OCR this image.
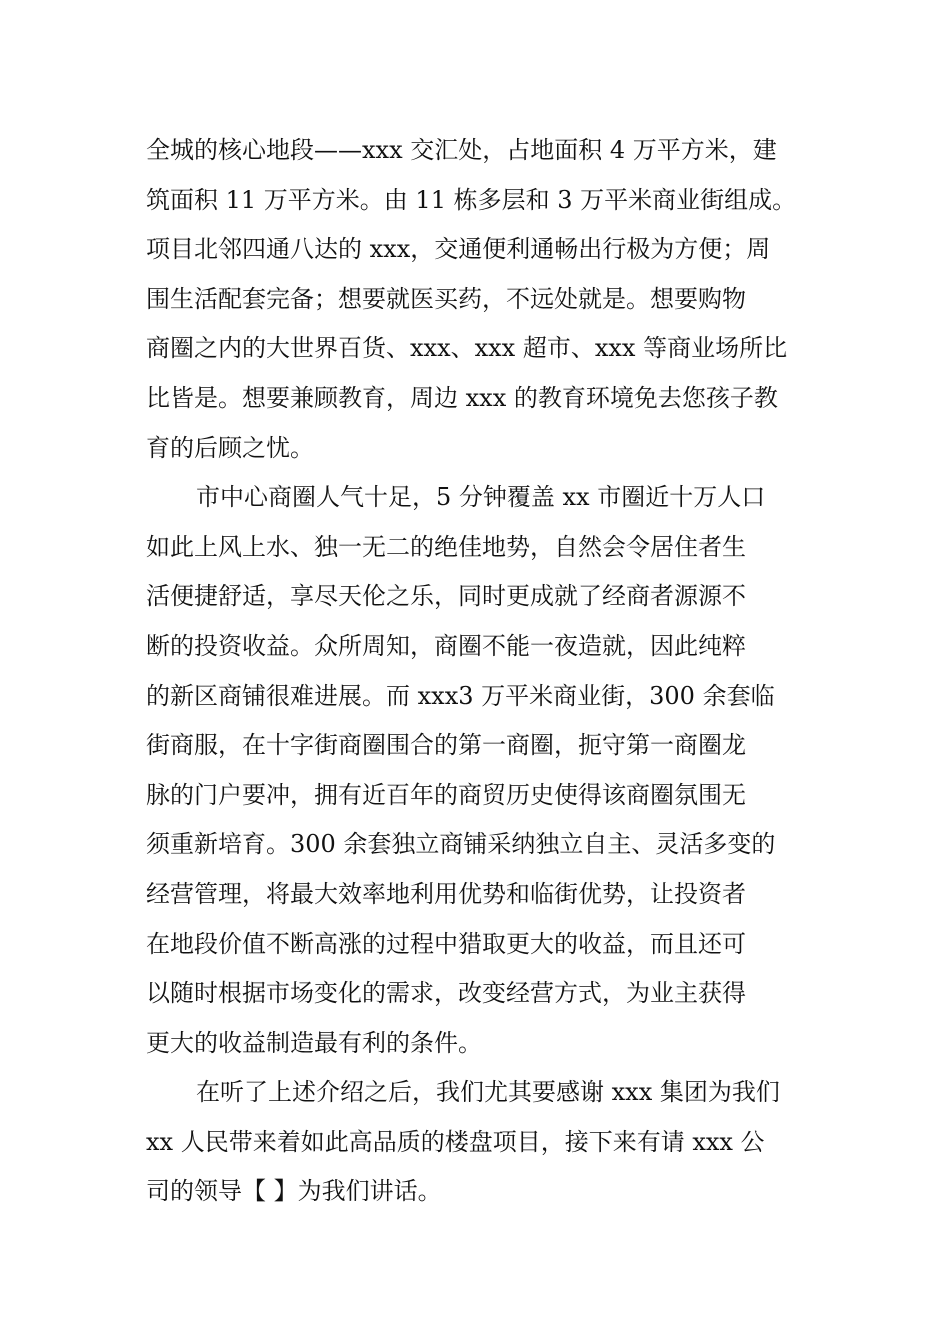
全城的核心地段——xxx 交汇处，占地面积 4 万平方米，建
筑面积 11 万平方米。由 11 栋多层和 3 万平米商业街组成。
项目北邻四通八达的 xxx，交通便利通畅出行极为方便；周
围生活配套完备；想要就医买药，不远处就是。想要购物
商圈之内的大世界百货、xxx、xxx 超市、xxx 等商业场所比
比皆是。想要兼顾教育，周边 xxx 的教育环境免去您孩子教
育的后顾之忧。
市中心商圈人气十足，5 分钟覆盖 xx 市圈近十万人口
如此上风上水、独一无二的绝佳地势，自然会令居住者生
活便捷舒适，享尽天伦之乐，同时更成就了经商者源源不
断的投资收益。众所周知，商圈不能一夜造就，因此纯粹
的新区商铺很难进展。而 xxx3 万平米商业街，300 余套临
街商服，在十字街商圈围合的第一商圈，扼守第一商圈龙
脉的门户要冲，拥有近百年的商贸历史使得该商圈氛围无
须重新培育。300 余套独立商铺采纳独立自主、灵活多变的
经营管理，将最大效率地利用优势和临街优势，让投资者
在地段价值不断高涨的过程中猎取更大的收益，而且还可
以随时根据市场变化的需求，改变经营方式，为业主获得
更大的收益制造最有利的条件。
在听了上述介绍之后，我们尤其要感谢 xxx 集团为我们
xx 人民带来着如此高品质的楼盘项目，接下来有请 xxx 公
司的领导【 】为我们讲话。
